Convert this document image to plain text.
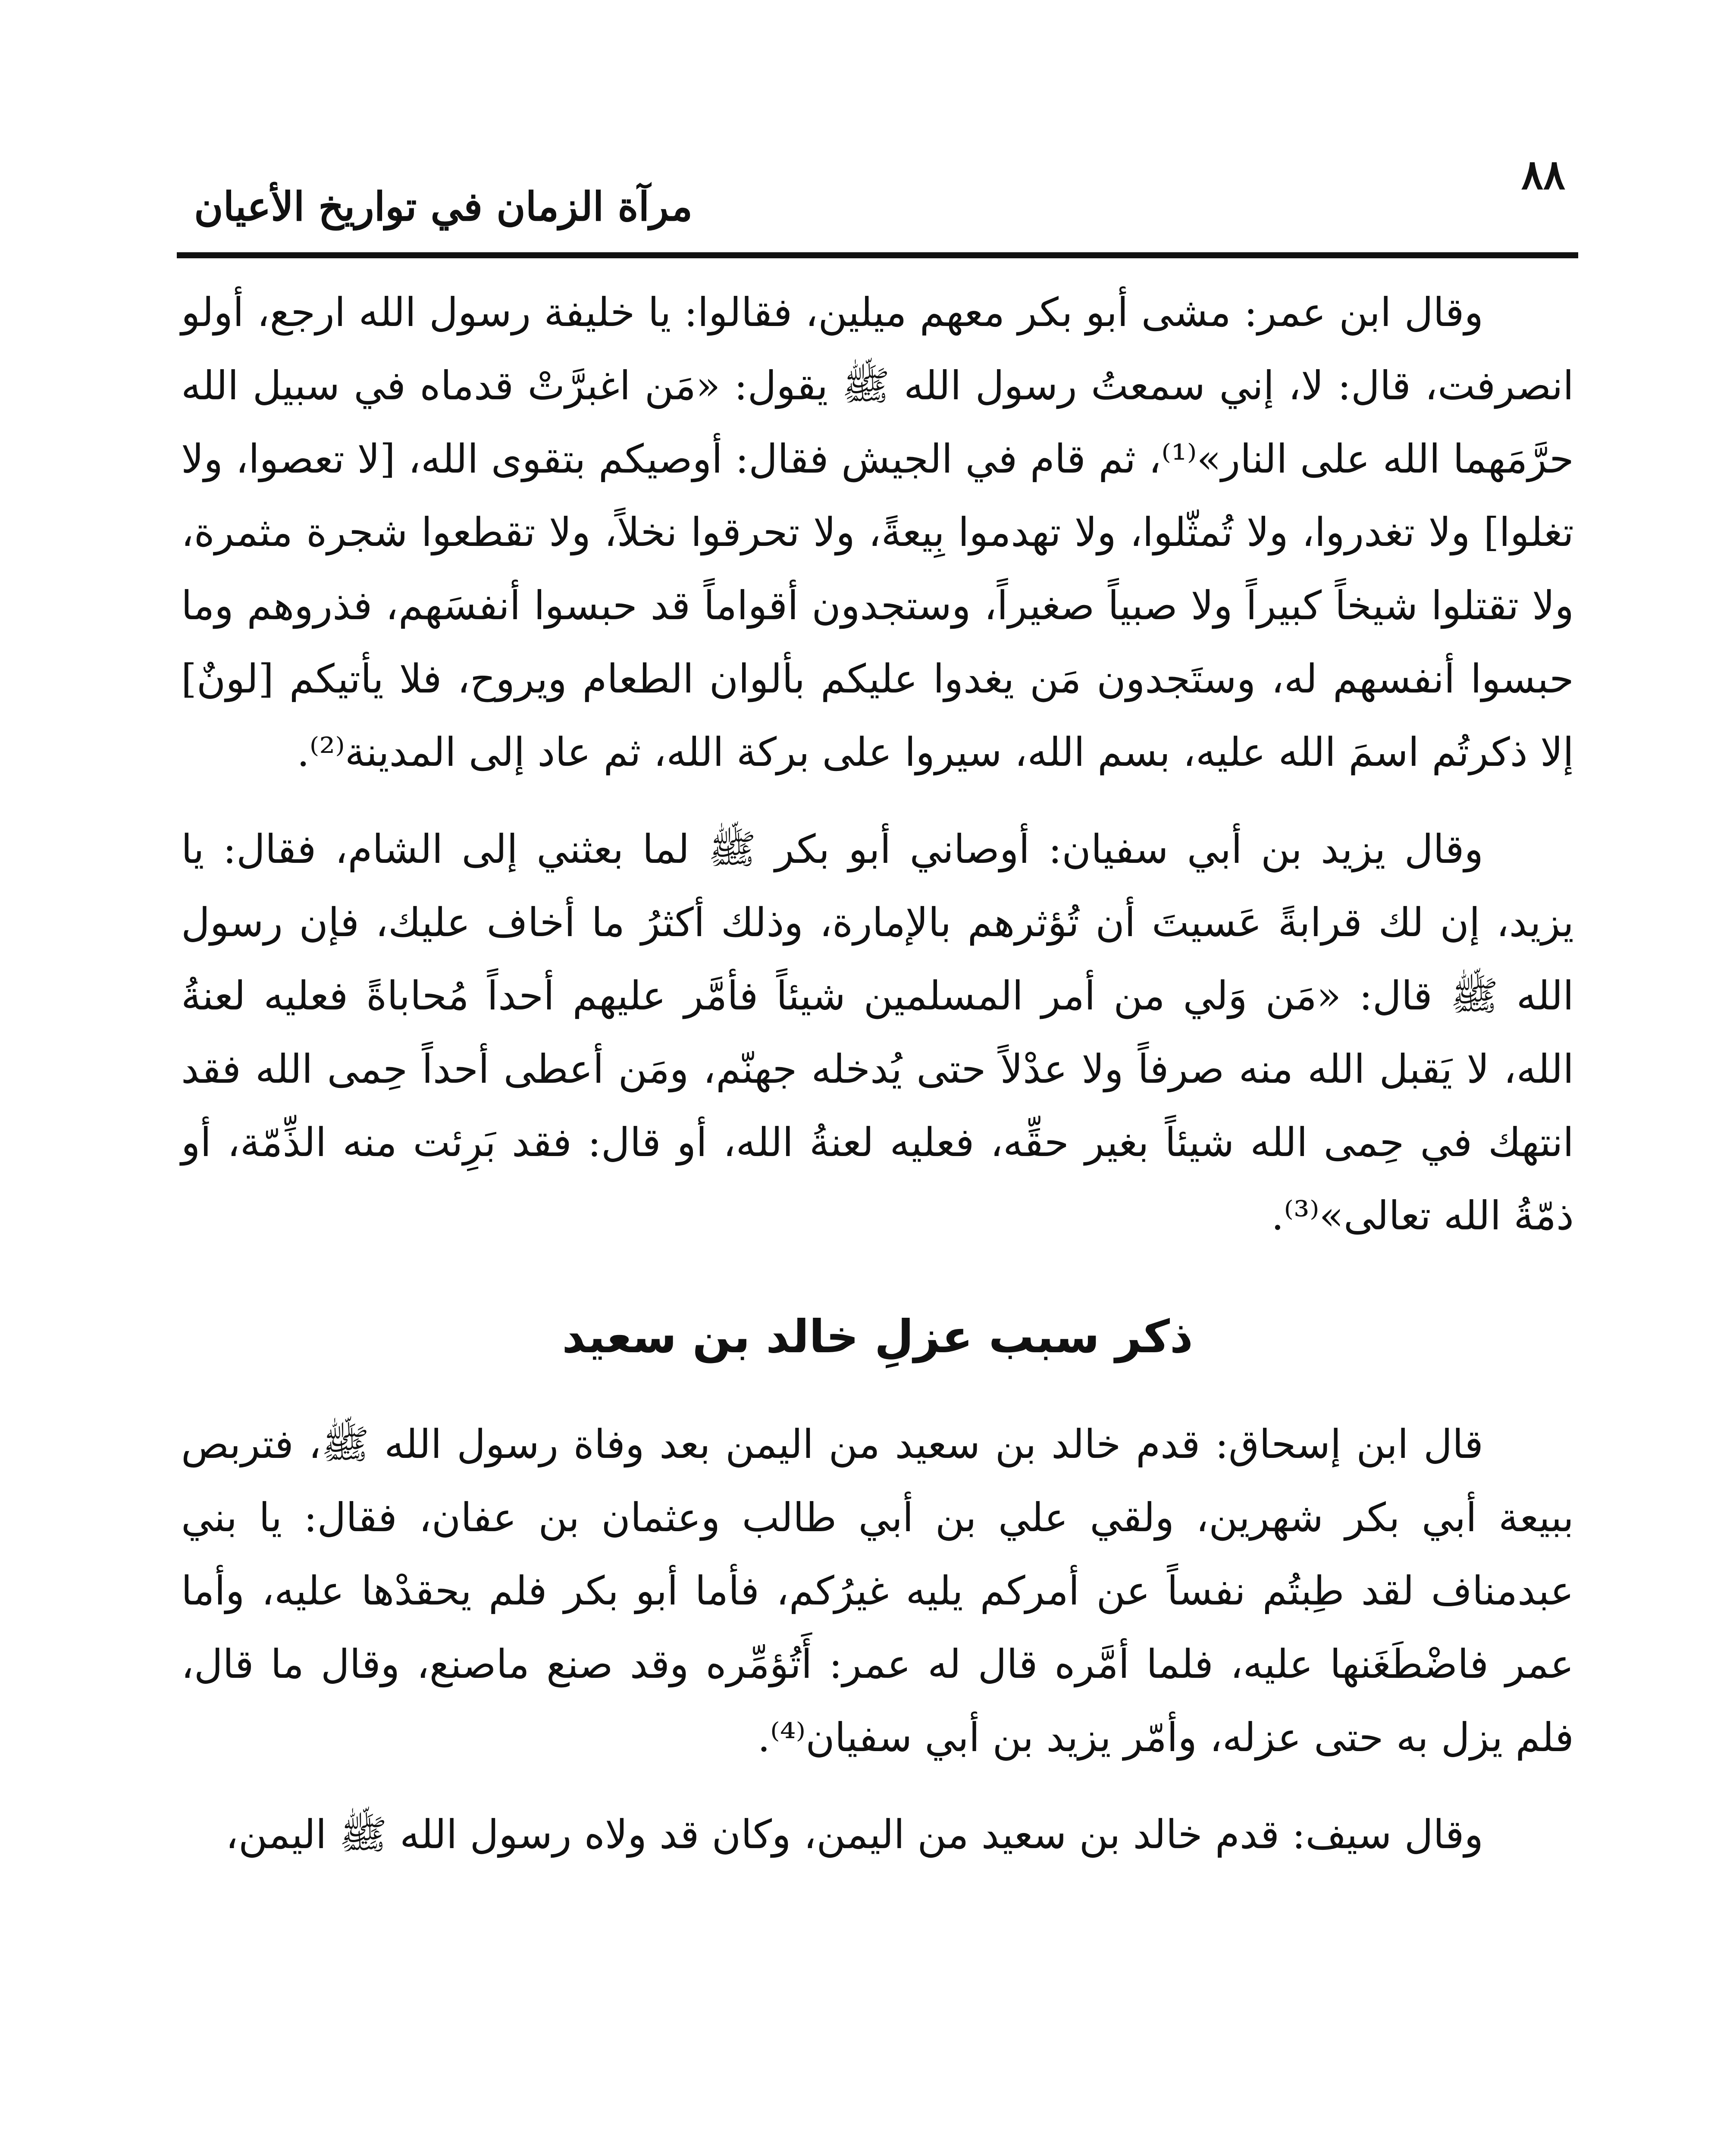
٨٨
مرآة الزمان في تواريخ الأعيان

وقال ابن عمر: مشى أبو بكر معهم ميلين، فقالوا: يا خليفة رسول الله ارجع، أولو انصرفت، قال: لا، إني سمعتُ رسول الله ﷺ يقول: «مَن اغبرَّتْ قدماه في سبيل الله حرَّمَهما الله على النار»⁽¹⁾، ثم قام في الجيش فقال: أوصيكم بتقوى الله، [لا تعصوا، ولا تغلوا] ولا تغدروا، ولا تُمثّلوا، ولا تهدموا بِيعةً، ولا تحرقوا نخلاً، ولا تقطعوا شجرة مثمرة، ولا تقتلوا شيخاً كبيراً ولا صبياً صغيراً، وستجدون أقواماً قد حبسوا أنفسَهم، فذروهم وما حبسوا أنفسهم له، وستَجدون مَن يغدوا عليكم بألوان الطعام ويروح، فلا يأتيكم [لونٌ] إلا ذكرتُم اسمَ الله عليه، بسم الله، سيروا على بركة الله، ثم عاد إلى المدينة⁽²⁾.

وقال يزيد بن أبي سفيان: أوصاني أبو بكر ﷺ لما بعثني إلى الشام، فقال: يا يزيد، إن لك قرابةً عَسيتَ أن تُؤثرهم بالإمارة، وذلك أكثرُ ما أخاف عليك، فإن رسول الله ﷺ قال: «مَن وَلي من أمر المسلمين شيئاً فأمَّر عليهم أحداً مُحاباةً فعليه لعنةُ الله، لا يَقبل الله منه صرفاً ولا عدْلاً حتى يُدخله جهنّم، ومَن أعطى أحداً حِمى الله فقد انتهك في حِمى الله شيئاً بغير حقِّه، فعليه لعنةُ الله، أو قال: فقد بَرِئت منه الذِّمّة، أو ذمّةُ الله تعالى»⁽³⁾.

ذكر سبب عزلِ خالد بن سعيد

قال ابن إسحاق: قدم خالد بن سعيد من اليمن بعد وفاة رسول الله ﷺ، فتربص ببيعة أبي بكر شهرين، ولقي علي بن أبي طالب وعثمان بن عفان، فقال: يا بني عبدمناف لقد طِبتُم نفساً عن أمركم يليه غيرُكم، فأما أبو بكر فلم يحقدْها عليه، وأما عمر فاضْطَغَنها عليه، فلما أمَّره قال له عمر: أَتُؤمِّره وقد صنع ماصنع، وقال ما قال، فلم يزل به حتى عزله، وأمّر يزيد بن أبي سفيان⁽⁴⁾.

وقال سيف: قدم خالد بن سعيد من اليمن، وكان قد ولاه رسول الله ﷺ اليمن،
